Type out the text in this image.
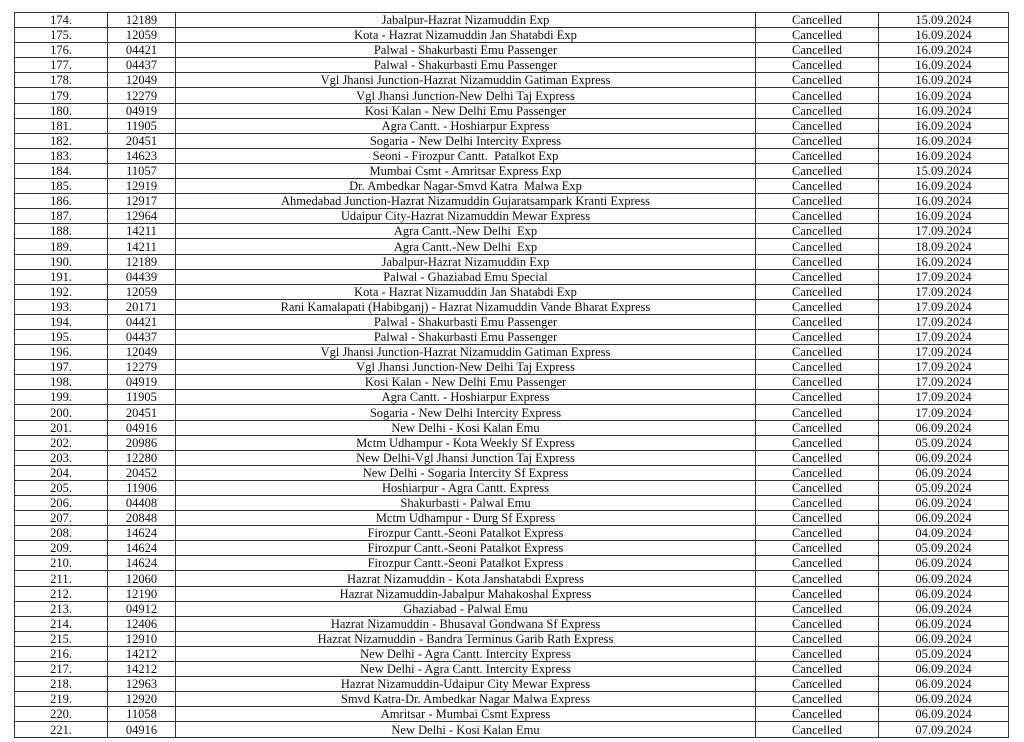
174.	12189	Jabalpur-Hazrat Nizamuddin Exp	Cancelled	15.09.2024
175.	12059	Kota - Hazrat Nizamuddin Jan Shatabdi Exp	Cancelled	16.09.2024
176.	04421	Palwal - Shakurbasti Emu Passenger	Cancelled	16.09.2024
177.	04437	Palwal - Shakurbasti Emu Passenger	Cancelled	16.09.2024
178.	12049	Vgl Jhansi Junction-Hazrat Nizamuddin Gatiman Express	Cancelled	16.09.2024
179.	12279	Vgl Jhansi Junction-New Delhi Taj Express	Cancelled	16.09.2024
180.	04919	Kosi Kalan - New Delhi Emu Passenger	Cancelled	16.09.2024
181.	11905	Agra Cantt. - Hoshiarpur Express	Cancelled	16.09.2024
182.	20451	Sogaria - New Delhi Intercity Express	Cancelled	16.09.2024
183.	14623	Seoni - Firozpur Cantt.  Patalkot Exp	Cancelled	16.09.2024
184.	11057	Mumbai Csmt - Amritsar Express Exp	Cancelled	15.09.2024
185.	12919	Dr. Ambedkar Nagar-Smvd Katra  Malwa Exp	Cancelled	16.09.2024
186.	12917	Ahmedabad Junction-Hazrat Nizamuddin Gujaratsampark Kranti Express	Cancelled	16.09.2024
187.	12964	Udaipur City-Hazrat Nizamuddin Mewar Express	Cancelled	16.09.2024
188.	14211	Agra Cantt.-New Delhi  Exp	Cancelled	17.09.2024
189.	14211	Agra Cantt.-New Delhi  Exp	Cancelled	18.09.2024
190.	12189	Jabalpur-Hazrat Nizamuddin Exp	Cancelled	16.09.2024
191.	04439	Palwal - Ghaziabad Emu Special	Cancelled	17.09.2024
192.	12059	Kota - Hazrat Nizamuddin Jan Shatabdi Exp	Cancelled	17.09.2024
193.	20171	Rani Kamalapati (Habibganj) - Hazrat Nizamuddin Vande Bharat Express	Cancelled	17.09.2024
194.	04421	Palwal - Shakurbasti Emu Passenger	Cancelled	17.09.2024
195.	04437	Palwal - Shakurbasti Emu Passenger	Cancelled	17.09.2024
196.	12049	Vgl Jhansi Junction-Hazrat Nizamuddin Gatiman Express	Cancelled	17.09.2024
197.	12279	Vgl Jhansi Junction-New Delhi Taj Express	Cancelled	17.09.2024
198.	04919	Kosi Kalan - New Delhi Emu Passenger	Cancelled	17.09.2024
199.	11905	Agra Cantt. - Hoshiarpur Express	Cancelled	17.09.2024
200.	20451	Sogaria - New Delhi Intercity Express	Cancelled	17.09.2024
201.	04916	New Delhi - Kosi Kalan Emu	Cancelled	06.09.2024
202.	20986	Mctm Udhampur - Kota Weekly Sf Express	Cancelled	05.09.2024
203.	12280	New Delhi-Vgl Jhansi Junction Taj Express	Cancelled	06.09.2024
204.	20452	New Delhi - Sogaria Intercity Sf Express	Cancelled	06.09.2024
205.	11906	Hoshiarpur - Agra Cantt. Express	Cancelled	05.09.2024
206.	04408	Shakurbasti - Palwal Emu	Cancelled	06.09.2024
207.	20848	Mctm Udhampur - Durg Sf Express	Cancelled	06.09.2024
208.	14624	Firozpur Cantt.-Seoni Patalkot Express	Cancelled	04.09.2024
209.	14624	Firozpur Cantt.-Seoni Patalkot Express	Cancelled	05.09.2024
210.	14624	Firozpur Cantt.-Seoni Patalkot Express	Cancelled	06.09.2024
211.	12060	Hazrat Nizamuddin - Kota Janshatabdi Express	Cancelled	06.09.2024
212.	12190	Hazrat Nizamuddin-Jabalpur Mahakoshal Express	Cancelled	06.09.2024
213.	04912	Ghaziabad - Palwal Emu	Cancelled	06.09.2024
214.	12406	Hazrat Nizamuddin - Bhusaval Gondwana Sf Express	Cancelled	06.09.2024
215.	12910	Hazrat Nizamuddin - Bandra Terminus Garib Rath Express	Cancelled	06.09.2024
216.	14212	New Delhi - Agra Cantt. Intercity Express	Cancelled	05.09.2024
217.	14212	New Delhi - Agra Cantt. Intercity Express	Cancelled	06.09.2024
218.	12963	Hazrat Nizamuddin-Udaipur City Mewar Express	Cancelled	06.09.2024
219.	12920	Smvd Katra-Dr. Ambedkar Nagar Malwa Express	Cancelled	06.09.2024
220.	11058	Amritsar - Mumbai Csmt Express	Cancelled	06.09.2024
221.	04916	New Delhi - Kosi Kalan Emu	Cancelled	07.09.2024
